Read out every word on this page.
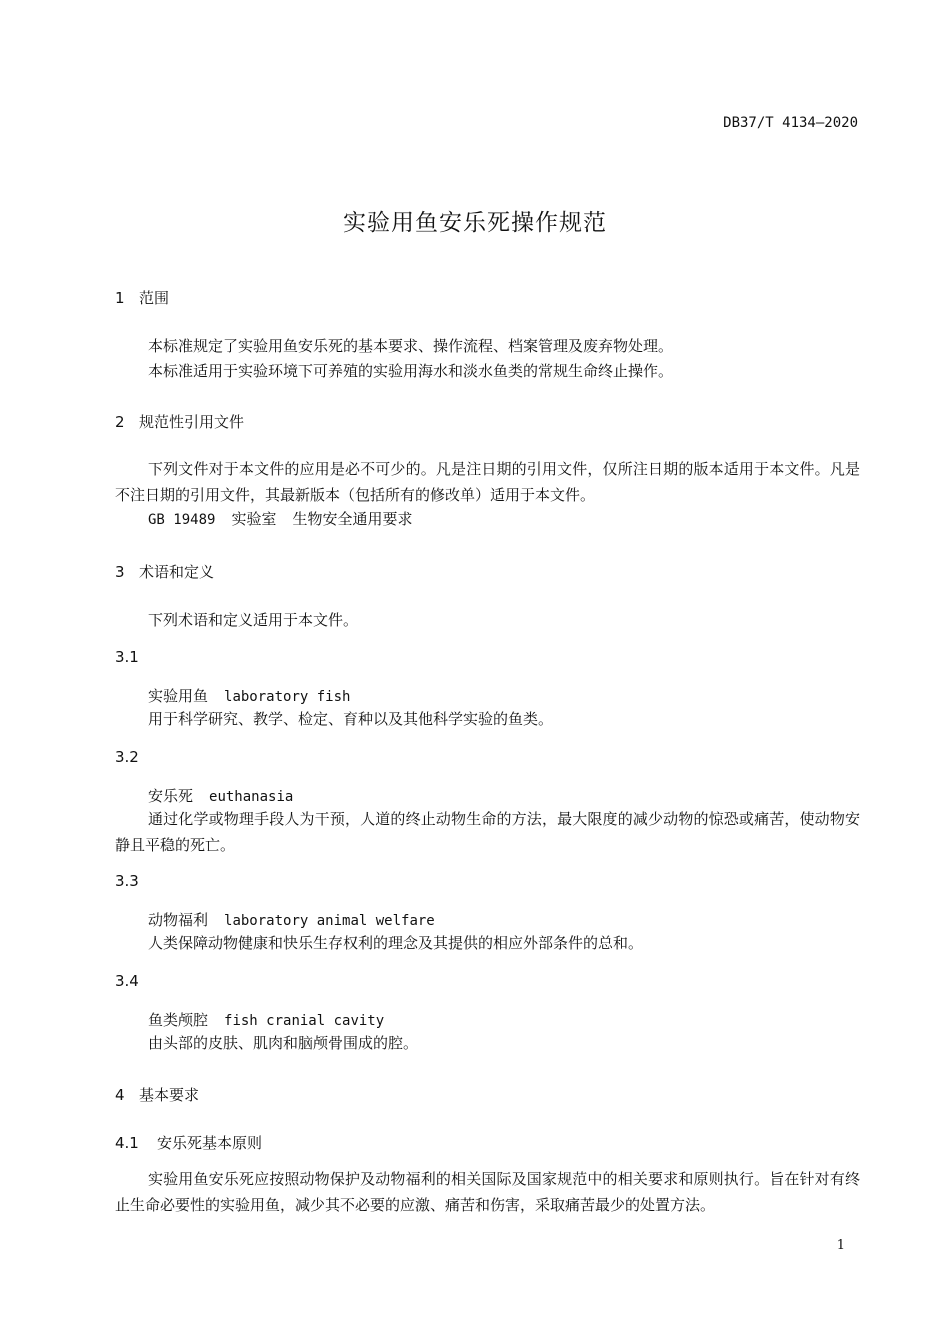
DB37/T 4134—2020
实验用鱼安乐死操作规范
1 范围
本标准规定了实验用鱼安乐死的基本要求、操作流程、档案管理及废弃物处理。
本标准适用于实验环境下可养殖的实验用海水和淡水鱼类的常规生命终止操作。
2 规范性引用文件
下列文件对于本文件的应用是必不可少的。凡是注日期的引用文件，仅所注日期的版本适用于本文件。凡是不注日期的引用文件，其最新版本（包括所有的修改单）适用于本文件。
GB 19489 实验室 生物安全通用要求
3 术语和定义
下列术语和定义适用于本文件。
3.1
实验用鱼 laboratory fish
用于科学研究、教学、检定、育种以及其他科学实验的鱼类。
3.2
安乐死 euthanasia
通过化学或物理手段人为干预，人道的终止动物生命的方法，最大限度的减少动物的惊恐或痛苦，使动物安静且平稳的死亡。
3.3
动物福利 laboratory animal welfare
人类保障动物健康和快乐生存权利的理念及其提供的相应外部条件的总和。
3.4
鱼类颅腔 fish cranial cavity
由头部的皮肤、肌肉和脑颅骨围成的腔。
4 基本要求
4.1 安乐死基本原则
实验用鱼安乐死应按照动物保护及动物福利的相关国际及国家规范中的相关要求和原则执行。旨在针对有终止生命必要性的实验用鱼，减少其不必要的应激、痛苦和伤害，采取痛苦最少的处置方法。
1
